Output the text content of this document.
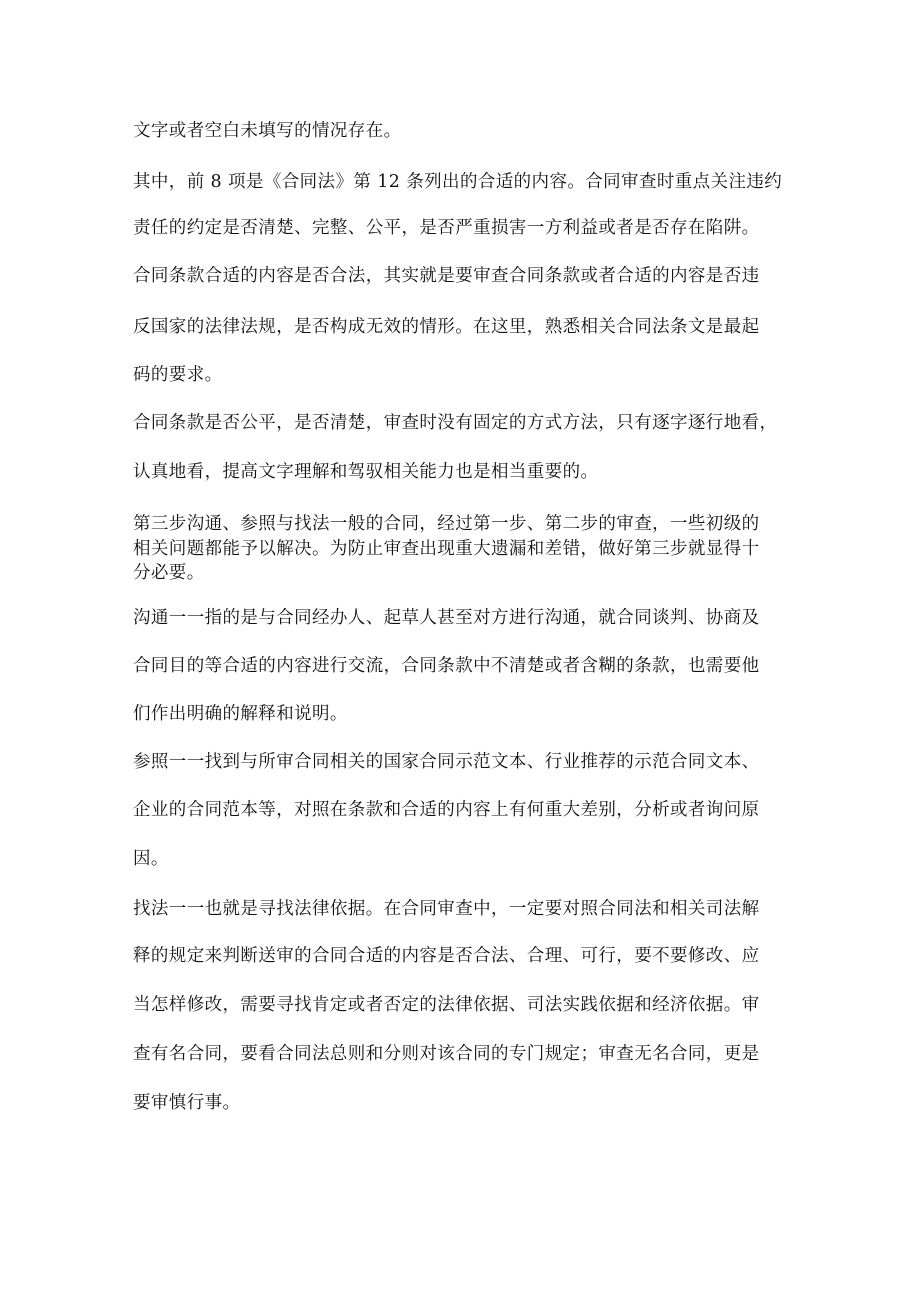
文字或者空白未填写的情况存在。
其中，前 8 项是《合同法》第 12 条列出的合适的内容。合同审查时重点关注违约
责任的约定是否清楚、完整、公平，是否严重损害一方利益或者是否存在陷阱。
合同条款合适的内容是否合法，其实就是要审查合同条款或者合适的内容是否违
反国家的法律法规，是否构成无效的情形。在这里，熟悉相关合同法条文是最起
码的要求。
合同条款是否公平，是否清楚，审查时没有固定的方式方法，只有逐字逐行地看，
认真地看，提高文字理解和驾驭相关能力也是相当重要的。
第三步沟通、参照与找法一般的合同，经过第一步、第二步的审查，一些初级的
相关问题都能予以解决。为防止审查出现重大遗漏和差错，做好第三步就显得十
分必要。
沟通一一指的是与合同经办人、起草人甚至对方进行沟通，就合同谈判、协商及
合同目的等合适的内容进行交流，合同条款中不清楚或者含糊的条款，也需要他
们作出明确的解释和说明。
参照一一找到与所审合同相关的国家合同示范文本、行业推荐的示范合同文本、
企业的合同范本等，对照在条款和合适的内容上有何重大差别，分析或者询问原
因。
找法一一也就是寻找法律依据。在合同审查中，一定要对照合同法和相关司法解
释的规定来判断送审的合同合适的内容是否合法、合理、可行，要不要修改、应
当怎样修改，需要寻找肯定或者否定的法律依据、司法实践依据和经济依据。审
查有名合同，要看合同法总则和分则对该合同的专门规定；审查无名合同，更是
要审慎行事。
